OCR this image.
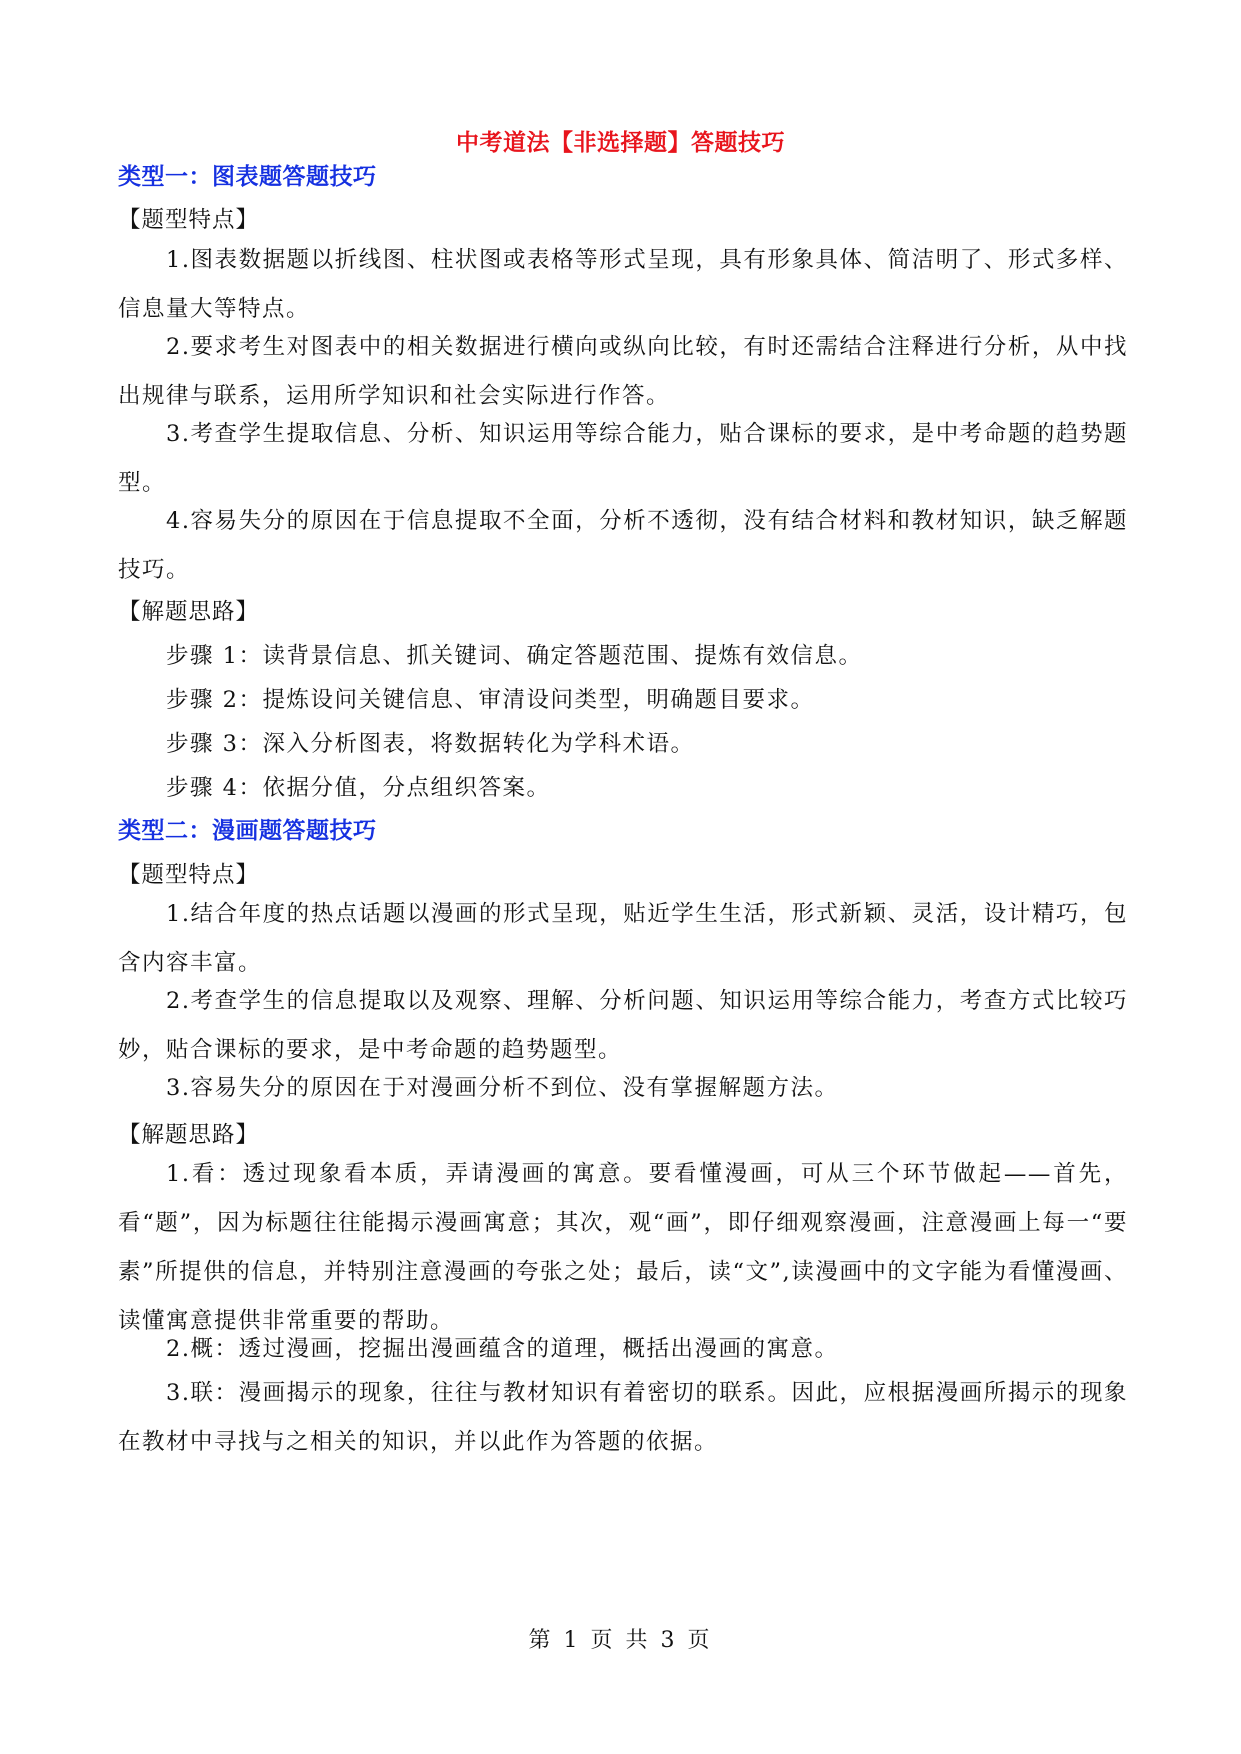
中考道法【非选择题】答题技巧
类型一：图表题答题技巧
【题型特点】
1.图表数据题以折线图、柱状图或表格等形式呈现，具有形象具体、简洁明了、形式多样、信息量大等特点。
2.要求考生对图表中的相关数据进行横向或纵向比较，有时还需结合注释进行分析，从中找出规律与联系，运用所学知识和社会实际进行作答。
3.考查学生提取信息、分析、知识运用等综合能力，贴合课标的要求，是中考命题的趋势题型。
4.容易失分的原因在于信息提取不全面，分析不透彻，没有结合材料和教材知识，缺乏解题技巧。
【解题思路】
步骤 1：读背景信息、抓关键词、确定答题范围、提炼有效信息。
步骤 2：提炼设问关键信息、审清设问类型，明确题目要求。
步骤 3：深入分析图表，将数据转化为学科术语。
步骤 4：依据分值，分点组织答案。
类型二：漫画题答题技巧
【题型特点】
1.结合年度的热点话题以漫画的形式呈现，贴近学生生活，形式新颖、灵活，设计精巧，包含内容丰富。
2.考查学生的信息提取以及观察、理解、分析问题、知识运用等综合能力，考查方式比较巧妙，贴合课标的要求，是中考命题的趋势题型。
3.容易失分的原因在于对漫画分析不到位、没有掌握解题方法。
【解题思路】
1.看：透过现象看本质，弄请漫画的寓意。要看懂漫画，可从三个环节做起——首先，看“题”，因为标题往往能揭示漫画寓意；其次，观“画”，即仔细观察漫画，注意漫画上每一“要素”所提供的信息，并特别注意漫画的夸张之处；最后，读“文”,读漫画中的文字能为看懂漫画、读懂寓意提供非常重要的帮助。
2.概：透过漫画，挖掘出漫画蕴含的道理，概括出漫画的寓意。
3.联：漫画揭示的现象，往往与教材知识有着密切的联系。因此，应根据漫画所揭示的现象在教材中寻找与之相关的知识，并以此作为答题的依据。
第 1 页 共 3 页
